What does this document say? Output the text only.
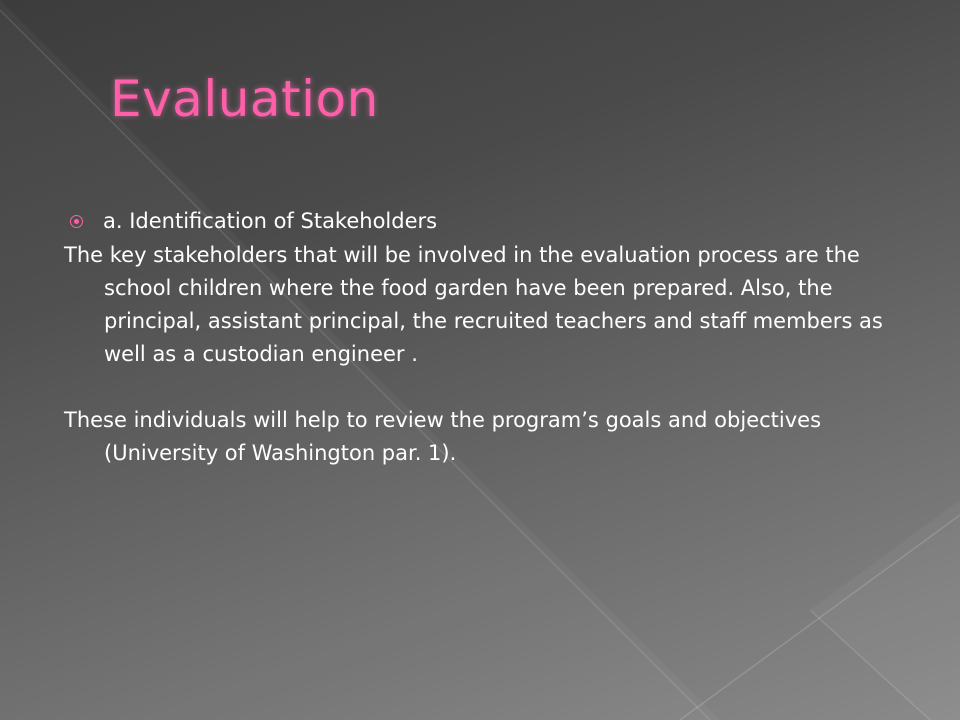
Evaluation
a. Identification of Stakeholders

The key stakeholders that will be involved in the evaluation process are the school children where the food garden have been prepared. Also, the principal, assistant principal, the recruited teachers and staff members as well as a custodian engineer .

These individuals will help to review the program’s goals and objectives (University of Washington par. 1).
